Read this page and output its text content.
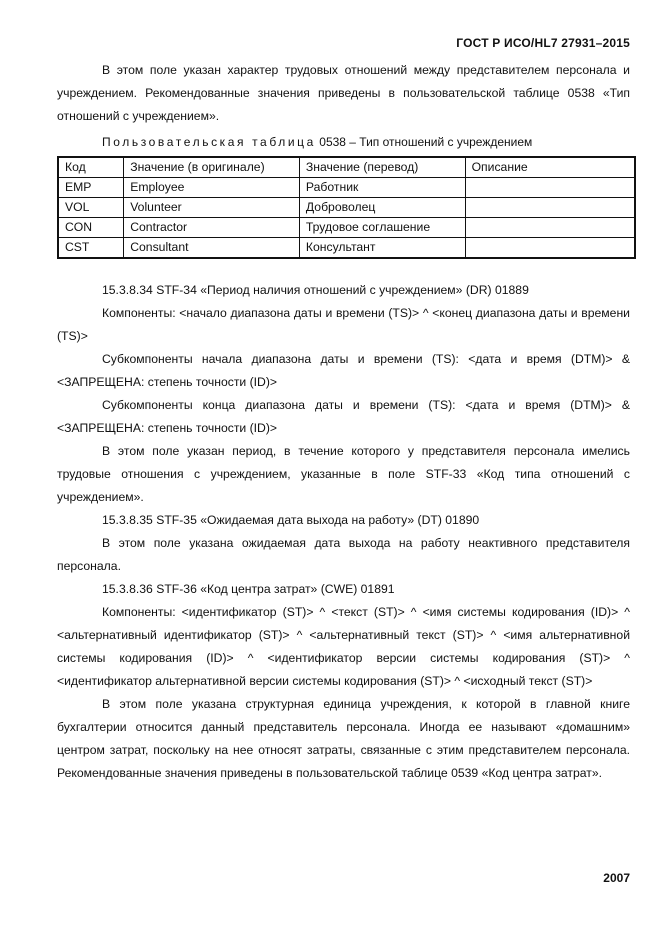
ГОСТ Р ИСО/HL7 27931–2015

В этом поле указан характер трудовых отношений между представителем персонала и учреждением. Рекомендованные значения приведены в пользовательской таблице 0538 «Тип отношений с учреждением».

Пользовательская таблица 0538 – Тип отношений с учреждением
Код	Значение (в оригинале)	Значение (перевод)	Описание
EMP	Employee	Работник	
VOL	Volunteer	Доброволец	
CON	Contractor	Трудовое соглашение	
CST	Consultant	Консультант	

15.3.8.34 STF-34 «Период наличия отношений с учреждением» (DR) 01889

Компоненты: <начало диапазона даты и времени (TS)> ^ <конец диапазона даты и времени (TS)>

Субкомпоненты начала диапазона даты и времени (TS): <дата и время (DTM)> & <ЗАПРЕЩЕНА: степень точности (ID)>

Субкомпоненты конца диапазона даты и времени (TS): <дата и время (DTM)> & <ЗАПРЕЩЕНА: степень точности (ID)>

В этом поле указан период, в течение которого у представителя персонала имелись трудовые отношения с учреждением, указанные в поле STF-33 «Код типа отношений с учреждением».

15.3.8.35 STF-35 «Ожидаемая дата выхода на работу» (DT) 01890

В этом поле указана ожидаемая дата выхода на работу неактивного представителя персонала.

15.3.8.36 STF-36 «Код центра затрат» (CWE) 01891

Компоненты: <идентификатор (ST)> ^ <текст (ST)> ^ <имя системы кодирования (ID)> ^ <альтернативный идентификатор (ST)> ^ <альтернативный текст (ST)> ^ <имя альтернативной системы кодирования (ID)> ^ <идентификатор версии системы кодирования (ST)> ^ <идентификатор альтернативной версии системы кодирования (ST)> ^ <исходный текст (ST)>

В этом поле указана структурная единица учреждения, к которой в главной книге бухгалтерии относится данный представитель персонала. Иногда ее называют «домашним» центром затрат, поскольку на нее относят затраты, связанные с этим представителем персонала. Рекомендованные значения приведены в пользовательской таблице 0539 «Код центра затрат».

2007
